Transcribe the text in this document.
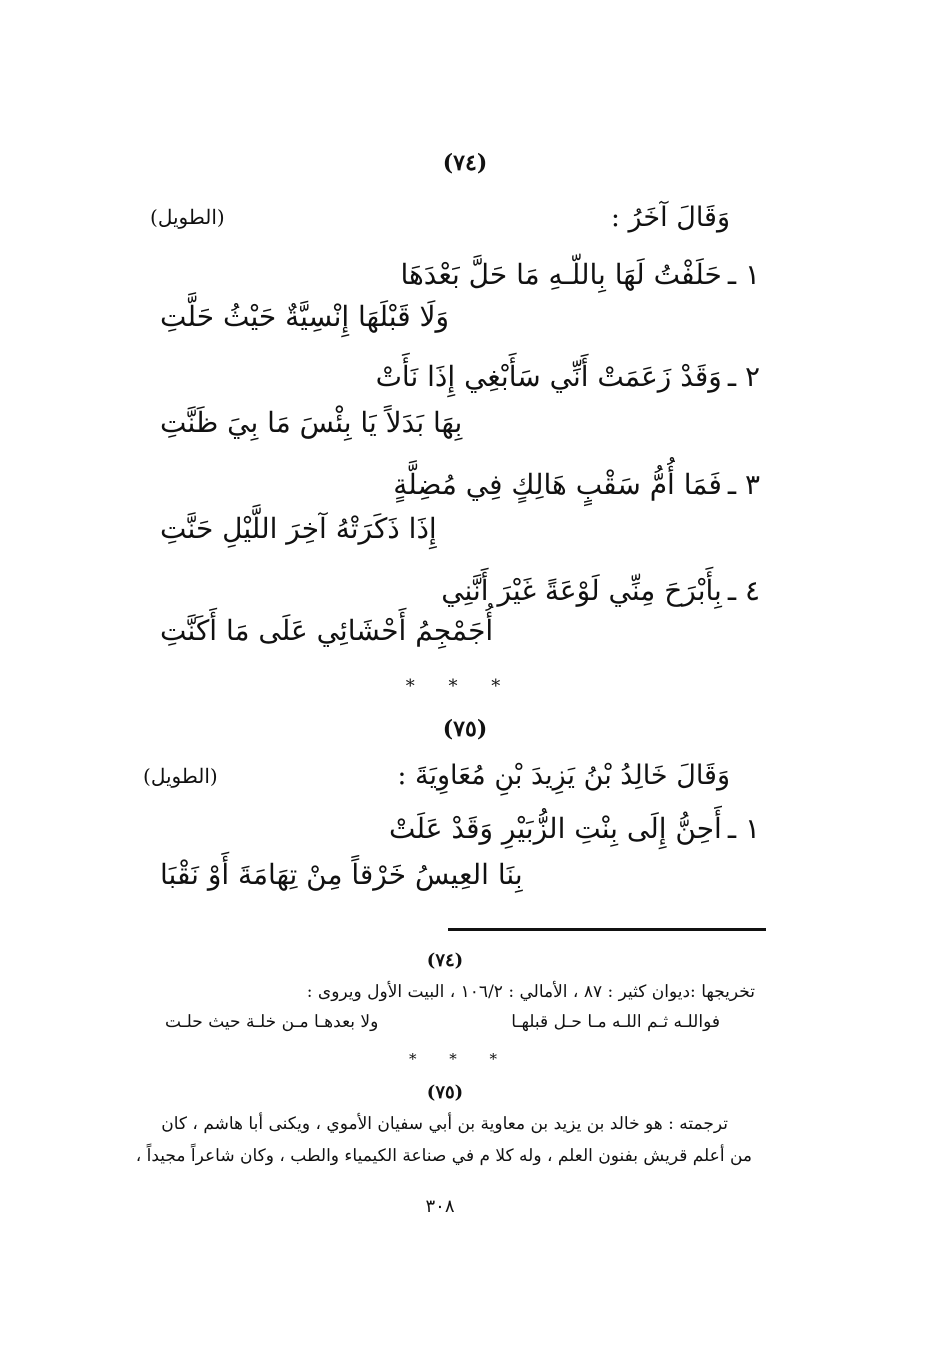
(٧٤)
(الطويل)	وَقَالَ آخَرُ :
١ ـحَلَفْتُ لَهَا بِاللّـهِ مَا حَلَّ بَعْدَهَا
وَلَا قَبْلَهَا إِنْسِيَّةٌ حَيْثُ حَلَّتِ
٢ ـوَقَدْ زَعَمَتْ أَنِّي سَأَبْغِي إِذَا نَأَتْ
بِهَا بَدَلاً يَا بِئْسَ مَا بِيَ ظَنَّتِ
٣ ـفَمَا أُمُّ سَقْبٍ هَالِكٍ فِي مُضِلَّةٍ
إِذَا ذَكَرَتْهُ آخِرَ اللَّيْلِ حَنَّتِ
٤ ـبِأَبْرَحَ مِنِّي لَوْعَةً غَيْرَ أَنَّنِي
أُجَمْجِمُ أَحْشَائِي عَلَى مَا أَكَنَّتِ
* * *
(٧٥)
(الطويل)	وَقَالَ خَالِدُ بْنُ يَزِيدَ بْنِ مُعَاوِيَةَ :
١ ـأَحِنُّ إِلَى بِنْتِ الزُّبَيْرِ وَقَدْ عَلَتْ
بِنَا العِيسُ خَرْقاً مِنْ تِهَامَةَ أَوْ نَقْبَا
(٧٤)
تخريجها :ديوان كثير : ٨٧ ، الأمالي : ١٠٦/٢ ، البيت الأول ويروى :
فواللـه ثـم اللـه مـا حـل قبلهـا
ولا بعدهـا مـن خلـة حيث حلـت
* * *
(٧٥)
ترجمته : هو خالد بن يزيد بن معاوية بن أبي سفيان الأموي ، ويكنى أبا هاشم ، كان
من أعلم قريش بفنون العلم ، وله كلا م في صناعة الكيمياء والطب ، وكان شاعراً مجيداً ،
٣٠٨
